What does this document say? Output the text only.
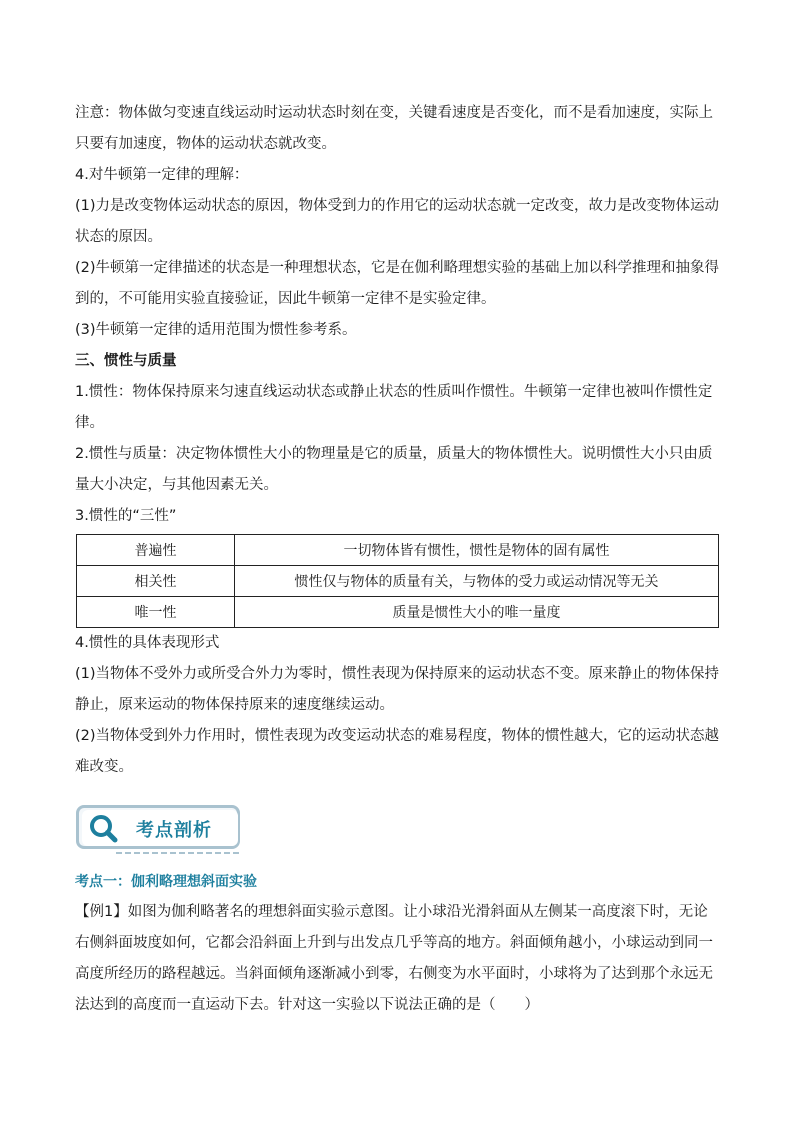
注意：物体做匀变速直线运动时运动状态时刻在变，关键看速度是否变化，而不是看加速度，实际上只要有加速度，物体的运动状态就改变。

4.对牛顿第一定律的理解：

(1)力是改变物体运动状态的原因，物体受到力的作用它的运动状态就一定改变，故力是改变物体运动状态的原因。

(2)牛顿第一定律描述的状态是一种理想状态，它是在伽利略理想实验的基础上加以科学推理和抽象得到的，不可能用实验直接验证，因此牛顿第一定律不是实验定律。

(3)牛顿第一定律的适用范围为惯性参考系。

三、惯性与质量

1.惯性：物体保持原来匀速直线运动状态或静止状态的性质叫作惯性。牛顿第一定律也被叫作惯性定律。

2.惯性与质量：决定物体惯性大小的物理量是它的质量，质量大的物体惯性大。说明惯性大小只由质量大小决定，与其他因素无关。

3.惯性的“三性”

普遍性	一切物体皆有惯性，惯性是物体的固有属性
相关性	惯性仅与物体的质量有关，与物体的受力或运动情况等无关
唯一性	质量是惯性大小的唯一量度

4.惯性的具体表现形式

(1)当物体不受外力或所受合外力为零时，惯性表现为保持原来的运动状态不变。原来静止的物体保持静止，原来运动的物体保持原来的速度继续运动。

(2)当物体受到外力作用时，惯性表现为改变运动状态的难易程度，物体的惯性越大，它的运动状态越难改变。

考点剖析
考点一：伽利略理想斜面实验

【例1】如图为伽利略著名的理想斜面实验示意图。让小球沿光滑斜面从左侧某一高度滚下时，无论右侧斜面坡度如何，它都会沿斜面上升到与出发点几乎等高的地方。斜面倾角越小，小球运动到同一高度所经历的路程越远。当斜面倾角逐渐减小到零，右侧变为水平面时，小球将为了达到那个永远无法达到的高度而一直运动下去。针对这一实验以下说法正确的是（　　）
